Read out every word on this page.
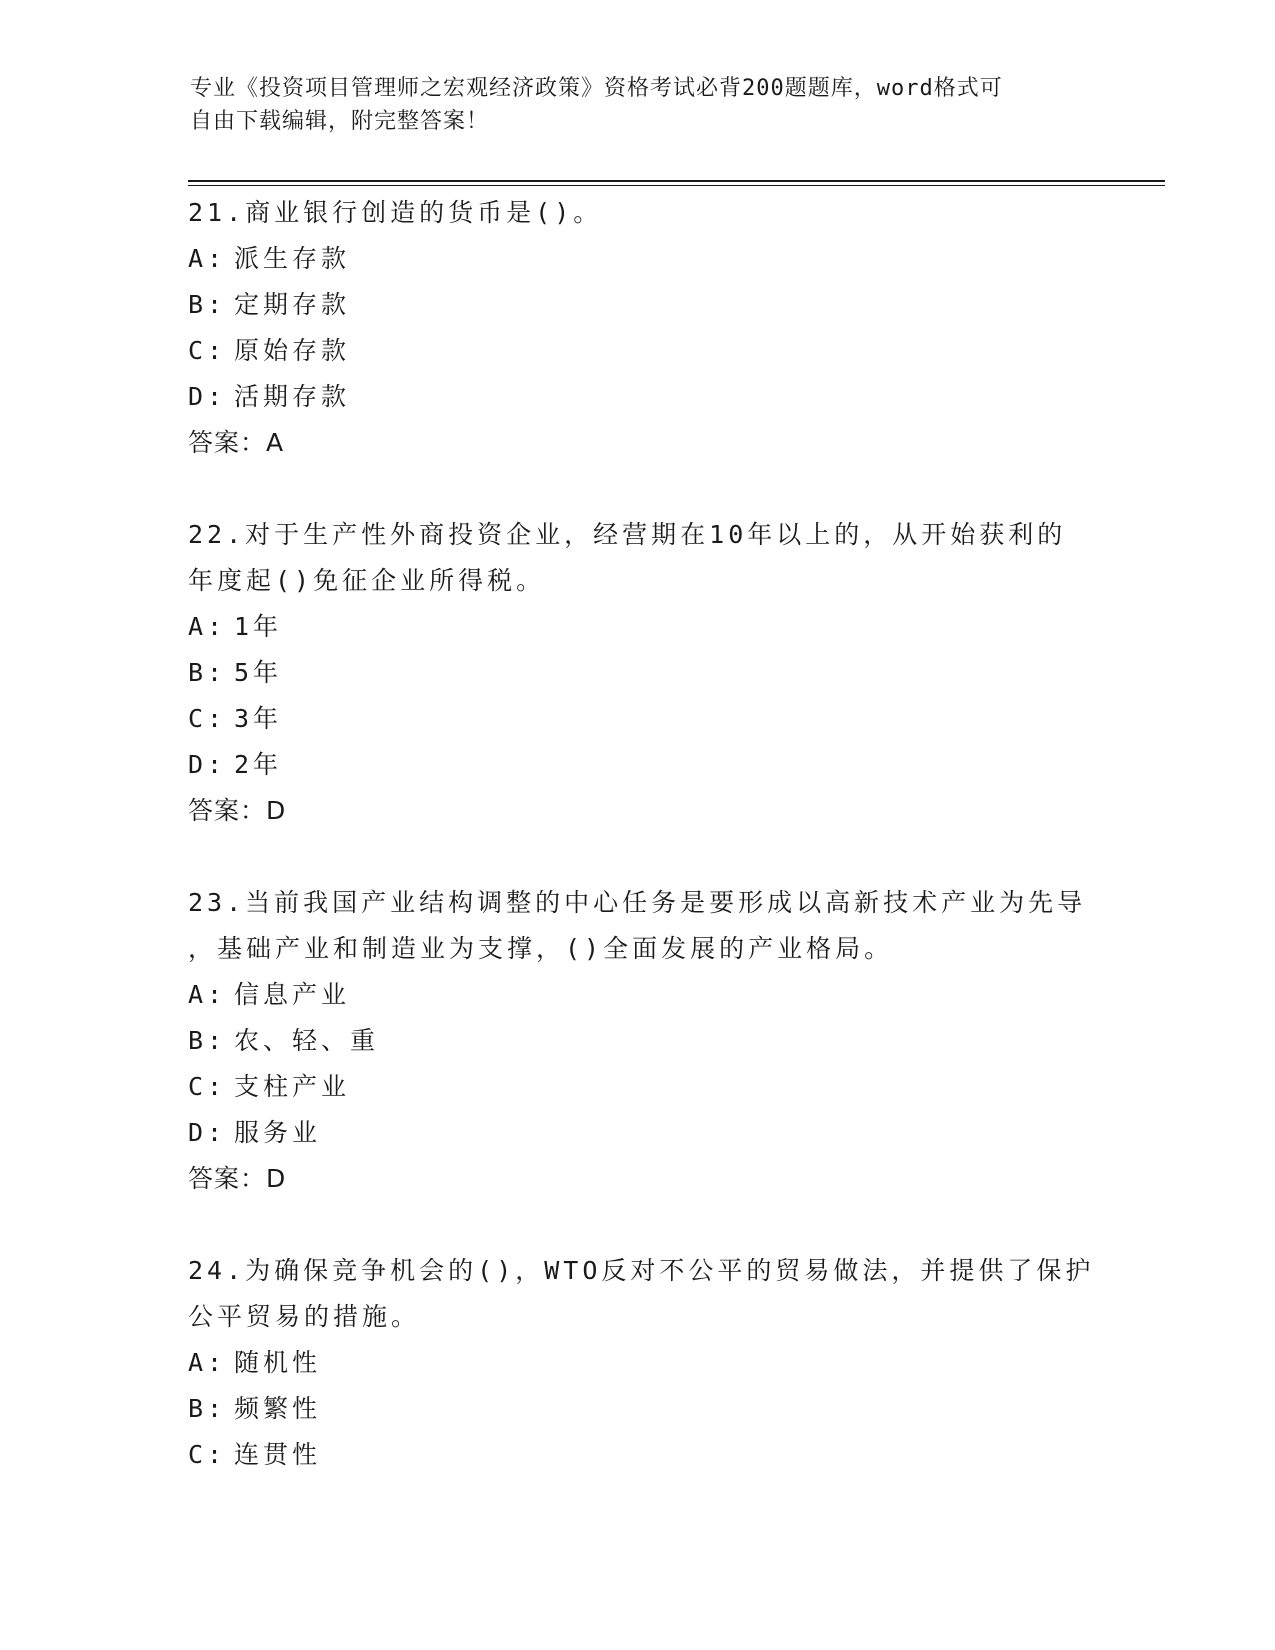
专业《投资项目管理师之宏观经济政策》资格考试必背200题题库，word格式可
自由下载编辑，附完整答案！
21.商业银行创造的货币是()。
A: 派生存款
B: 定期存款
C: 原始存款
D: 活期存款
答案：A
22.对于生产性外商投资企业，经营期在10年以上的，从开始获利的
年度起()免征企业所得税。
A: 1年
B: 5年
C: 3年
D: 2年
答案：D
23.当前我国产业结构调整的中心任务是要形成以高新技术产业为先导
，基础产业和制造业为支撑，()全面发展的产业格局。
A: 信息产业
B: 农、轻、重
C: 支柱产业
D: 服务业
答案：D
24.为确保竞争机会的()，WTO反对不公平的贸易做法，并提供了保护
公平贸易的措施。
A: 随机性
B: 频繁性
C: 连贯性
